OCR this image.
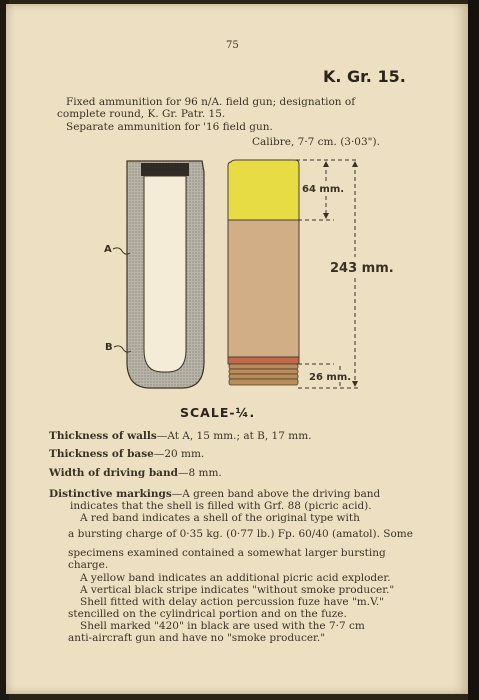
75
K. Gr. 15.
Fixed ammunition for 96 n/A. field gun; designation of
complete round, K. Gr. Patr. 15.
Separate ammunition for '16 field gun.
Calibre, 7·7 cm. (3·03").
A
B
64 mm.
243 mm.
26 mm.
SCALE-¼.
Thickness of walls—At A, 15 mm.; at B, 17 mm.
Thickness of base—20 mm.
Width of driving band—8 mm.
Distinctive markings—A green band above the driving band
indicates that the shell is filled with Grf. 88 (picric acid).
A red band indicates a shell of the original type with
a bursting charge of 0·35 kg. (0·77 lb.) Fp. 60/40 (amatol). Some
specimens examined contained a somewhat larger bursting
charge.
A yellow band indicates an additional picric acid exploder.
A vertical black stripe indicates "without smoke producer."
Shell fitted with delay action percussion fuze have "m.V."
stencilled on the cylindrical portion and on the fuze.
Shell marked "420" in black are used with the 7·7 cm
anti-aircraft gun and have no "smoke producer."
